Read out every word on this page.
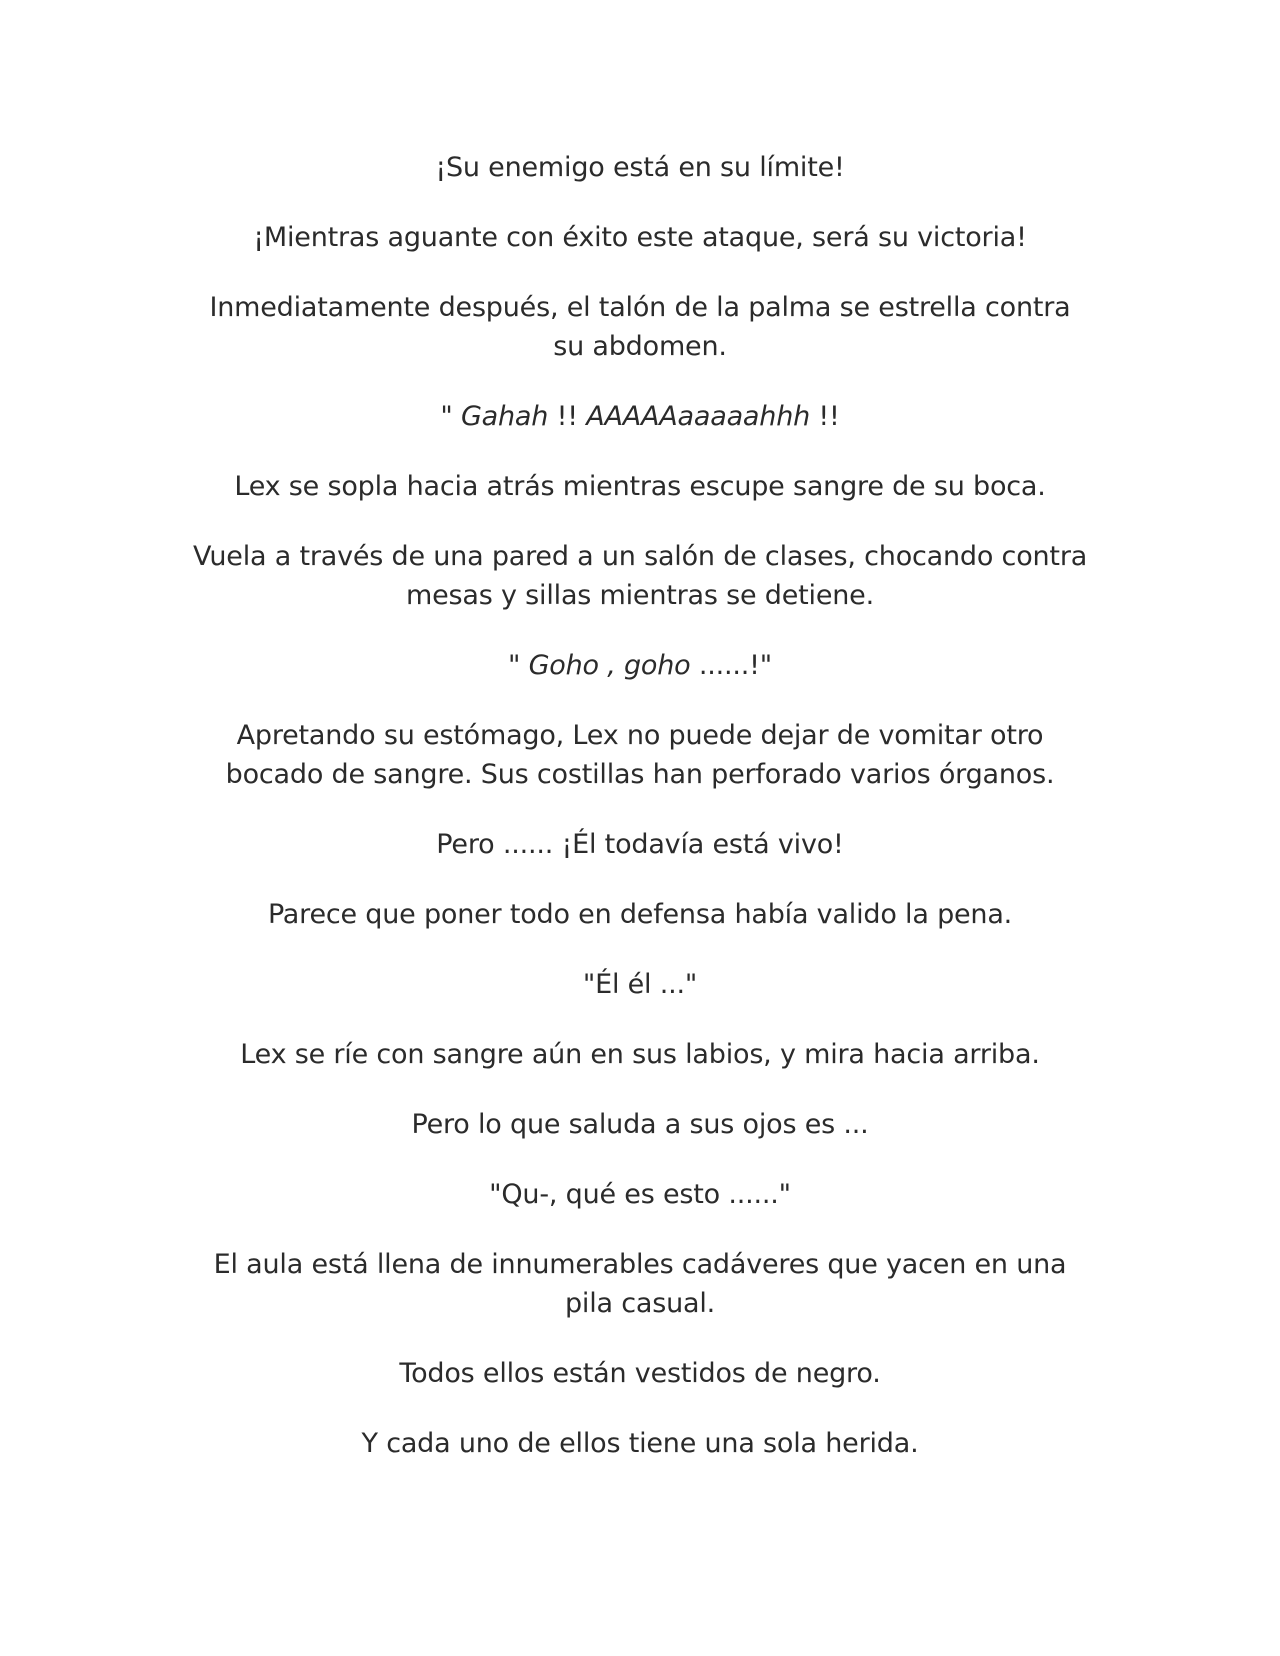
¡Su enemigo está en su límite!

¡Mientras aguante con éxito este ataque, será su victoria!

Inmediatamente después, el talón de la palma se estrella contra su abdomen.

" Gahah !! AAAAAaaaaahhh !!

Lex se sopla hacia atrás mientras escupe sangre de su boca.

Vuela a través de una pared a un salón de clases, chocando contra mesas y sillas mientras se detiene.

" Goho , goho ......!"

Apretando su estómago, Lex no puede dejar de vomitar otro bocado de sangre. Sus costillas han perforado varios órganos.

Pero ...... ¡Él todavía está vivo!

Parece que poner todo en defensa había valido la pena.

"Él él ..."

Lex se ríe con sangre aún en sus labios, y mira hacia arriba.

Pero lo que saluda a sus ojos es ...

"Qu-, qué es esto ......"

El aula está llena de innumerables cadáveres que yacen en una pila casual.

Todos ellos están vestidos de negro.

Y cada uno de ellos tiene una sola herida.
